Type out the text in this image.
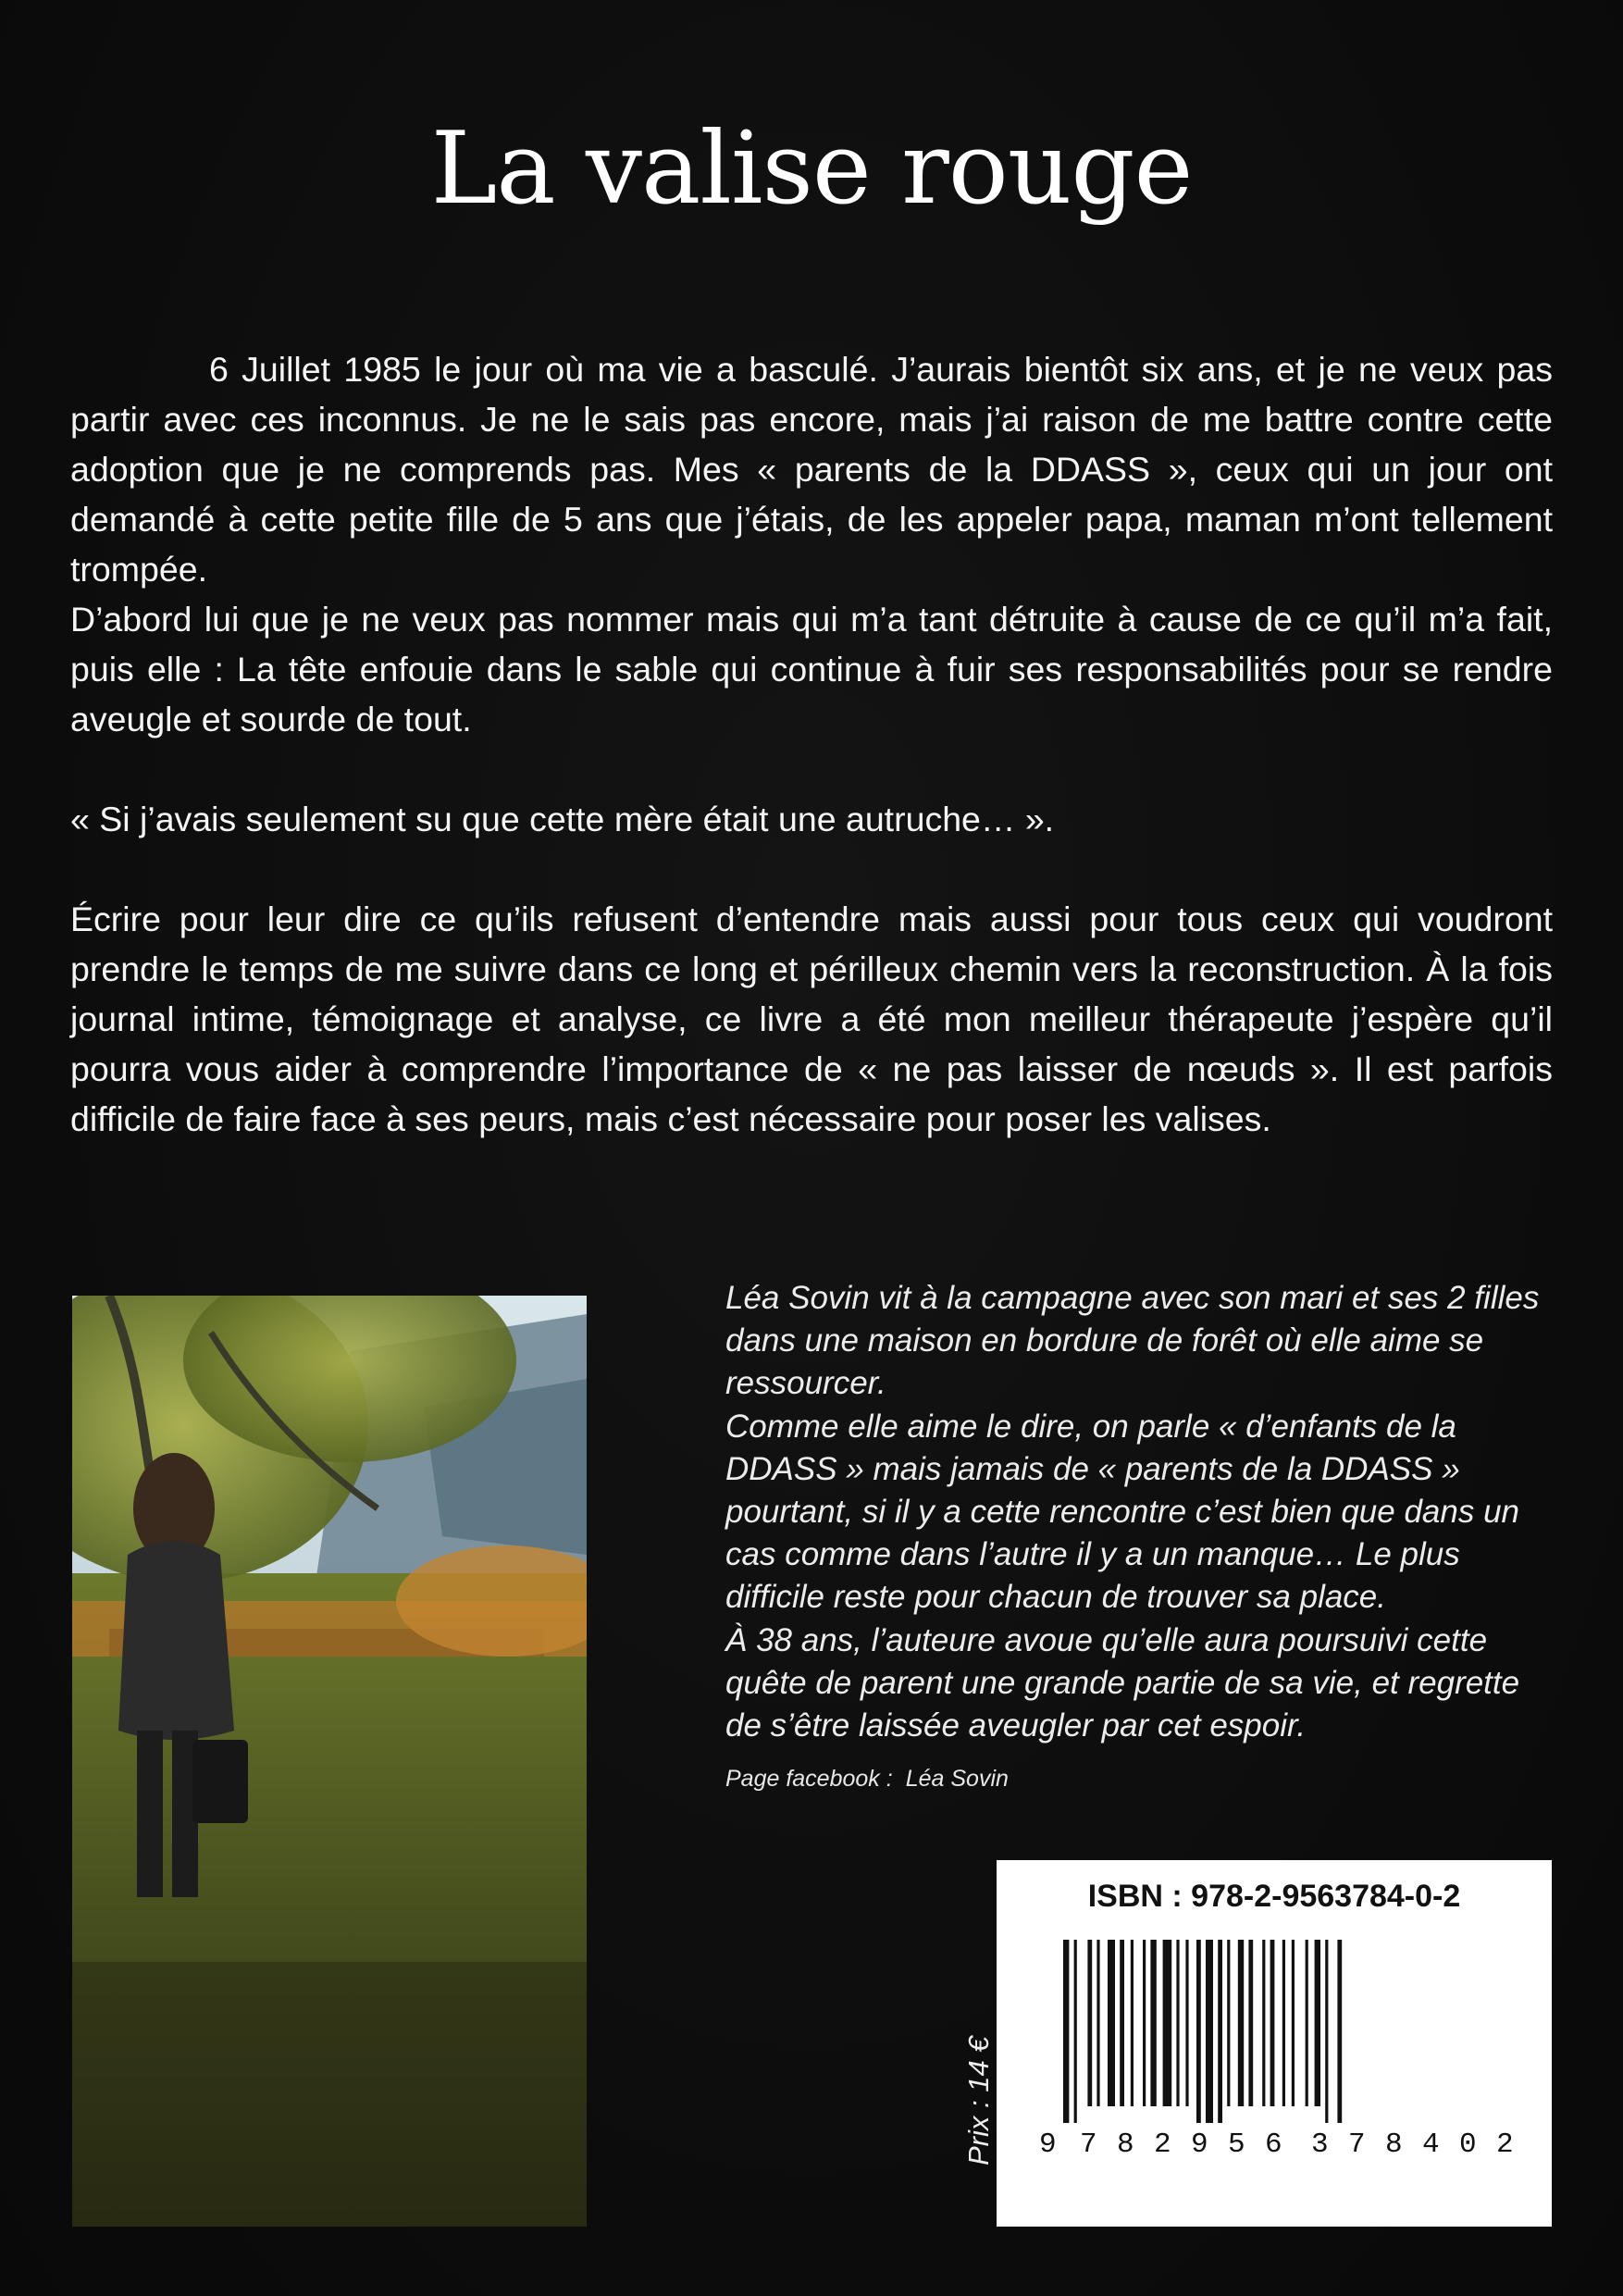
La valise rouge

6 Juillet 1985 le jour où ma vie a basculé. J’aurais bientôt six ans, et je ne veux pas partir avec ces inconnus. Je ne le sais pas encore, mais j’ai raison de me battre contre cette adoption que je ne comprends pas. Mes « parents de la DDASS », ceux qui un jour ont demandé à cette petite fille de 5 ans que j’étais, de les appeler papa, maman m’ont tellement trompée.

D’abord lui que je ne veux pas nommer mais qui m’a tant détruite à cause de ce qu’il m’a fait, puis elle : La tête enfouie dans le sable qui continue à fuir ses responsabilités pour se rendre aveugle et sourde de tout.

« Si j’avais seulement su que cette mère était une autruche… ».

Écrire pour leur dire ce qu’ils refusent d’entendre mais aussi pour tous ceux qui voudront prendre le temps de me suivre dans ce long et périlleux chemin vers la reconstruction. À la fois journal intime, témoignage et analyse, ce livre a été mon meilleur thérapeute j’espère qu’il pourra vous aider à comprendre l’importance de « ne pas laisser de nœuds ». Il est parfois difficile de faire face à ses peurs, mais c’est nécessaire pour poser les valises.

Léa Sovin vit à la campagne avec son mari et ses 2 filles dans une maison en bordure de forêt où elle aime se ressourcer.

Comme elle aime le dire, on parle « d’enfants de la DDASS » mais jamais de « parents de la DDASS » pourtant, si il y a cette rencontre c’est bien que dans un cas comme dans l’autre il y a un manque… Le plus difficile reste pour chacun de trouver sa place.

À 38 ans, l’auteure avoue qu’elle aura poursuivi cette quête de parent une grande partie de sa vie, et regrette de s’être laissée aveugler par cet espoir.

Page facebook : Léa Sovin
Prix : 14 €
ISBN : 978-2-9563784-0-2
9 7 8 2 9 5 6 3 7 8 4 0 2
